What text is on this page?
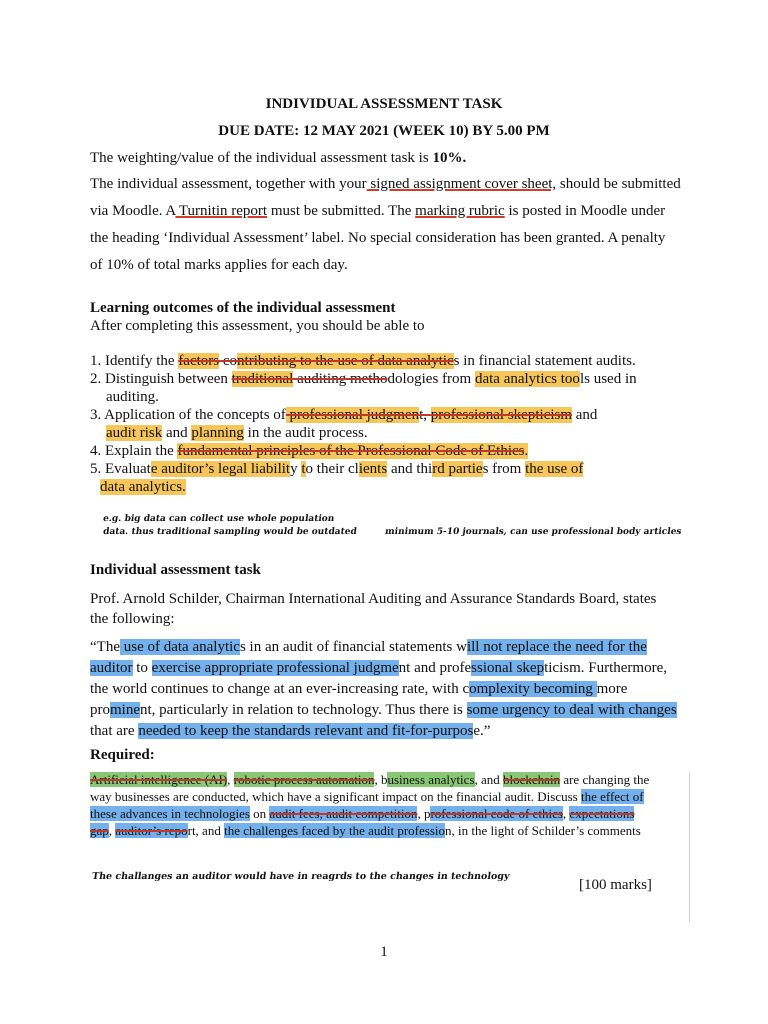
INDIVIDUAL ASSESSMENT TASK
DUE DATE: 12 MAY 2021 (WEEK 10) BY 5.00 PM
The weighting/value of the individual assessment task is 10%.
The individual assessment, together with your signed assignment cover sheet, should be submitted
via Moodle. A Turnitin report must be submitted. The marking rubric is posted in Moodle under
the heading ‘Individual Assessment’ label. No special consideration has been granted. A penalty
of 10% of total marks applies for each day.
Learning outcomes of the individual assessment
After completing this assessment, you should be able to
1. Identify the factors contributing to the use of data analytics in financial statement audits.
2. Distinguish between traditional auditing methodologies from data analytics tools used in
auditing.
3. Application of the concepts of professional judgment, professional skepticism and
audit risk and planning in the audit process.
4. Explain the fundamental principles of the Professional Code of Ethics.
5. Evaluate auditor’s legal liability to their clients and third parties from the use of
data analytics.
e.g. big data can collect use whole population
data. thus traditional sampling would be outdated	minimum 5-10 journals, can use professional body articles
Individual assessment task
Prof. Arnold Schilder, Chairman International Auditing and Assurance Standards Board, states
the following:
“The use of data analytics in an audit of financial statements will not replace the need for the
auditor to exercise appropriate professional judgment and professional skepticism. Furthermore,
the world continues to change at an ever-increasing rate, with complexity becoming more
prominent, particularly in relation to technology. Thus there is some urgency to deal with changes
that are needed to keep the standards relevant and fit-for-purpose.”
Required:
Artificial intelligence (AI), robotic process automation, business analytics, and blockchain are changing the
way businesses are conducted, which have a significant impact on the financial audit. Discuss the effect of
these advances in technologies on audit fees, audit competition, professional code of ethics, expectations
gap, auditor’s report, and the challenges faced by the audit profession, in the light of Schilder’s comments
The challanges an auditor would have in reagrds to the changes in technology
[100 marks]
1
